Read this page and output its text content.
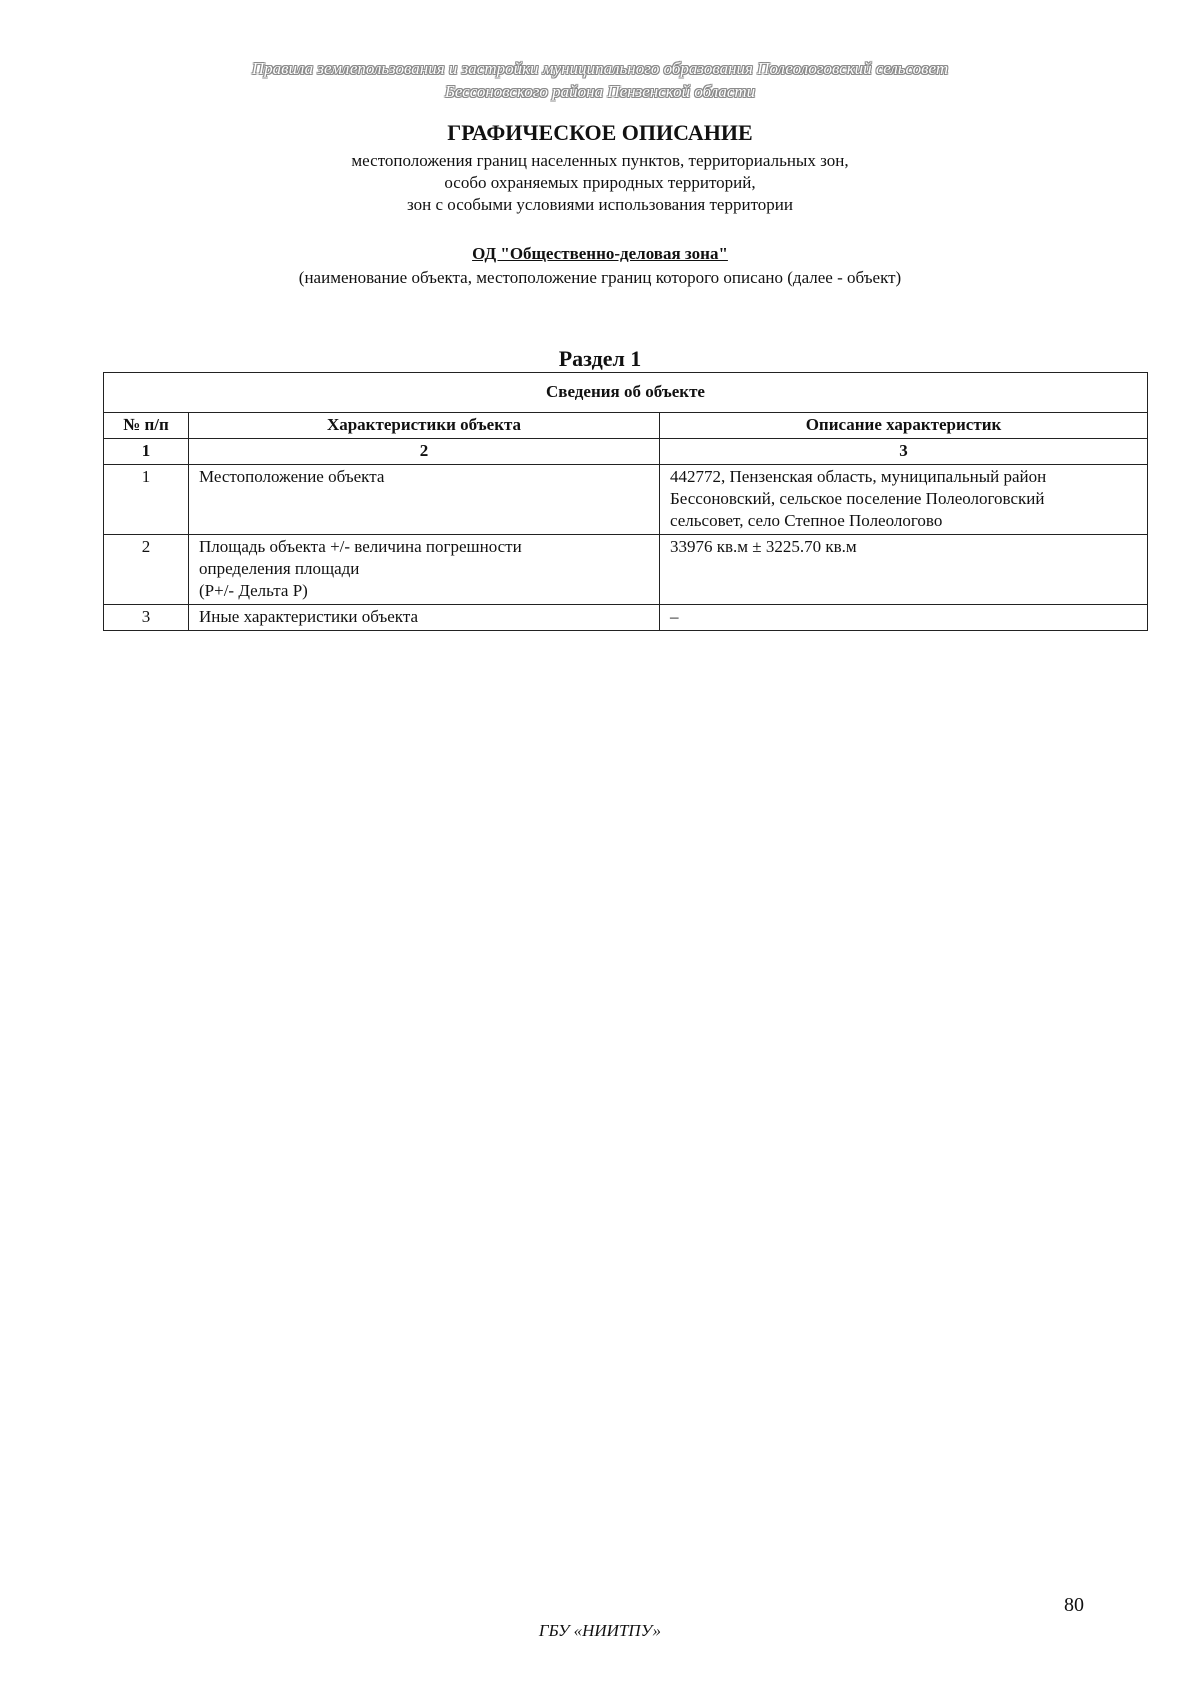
Правила землепользования и застройки муниципального образования Полеологовский сельсовет
Бессоновского района Пензенской области
ГРАФИЧЕСКОЕ ОПИСАНИЕ
местоположения границ населенных пунктов, территориальных зон,
особо охраняемых природных территорий,
зон с особыми условиями использования территории
ОД "Общественно-деловая зона"
(наименование объекта, местоположение границ которого описано (далее - объект)
Раздел 1
Сведения об объекте		
№ п/п	Характеристики объекта	Описание характеристик
1	2	3
1	Местоположение объекта	442772, Пензенская область, муниципальный район
Бессоновский, сельское поселение Полеологовский
сельсовет, село Степное Полеологово

2	Площадь объекта +/- величина погрешности
определения площади
(P+/- Дельта P)	33976 кв.м ± 3225.70 кв.м

3	Иные характеристики объекта	–
80
ГБУ «НИИТПУ»
